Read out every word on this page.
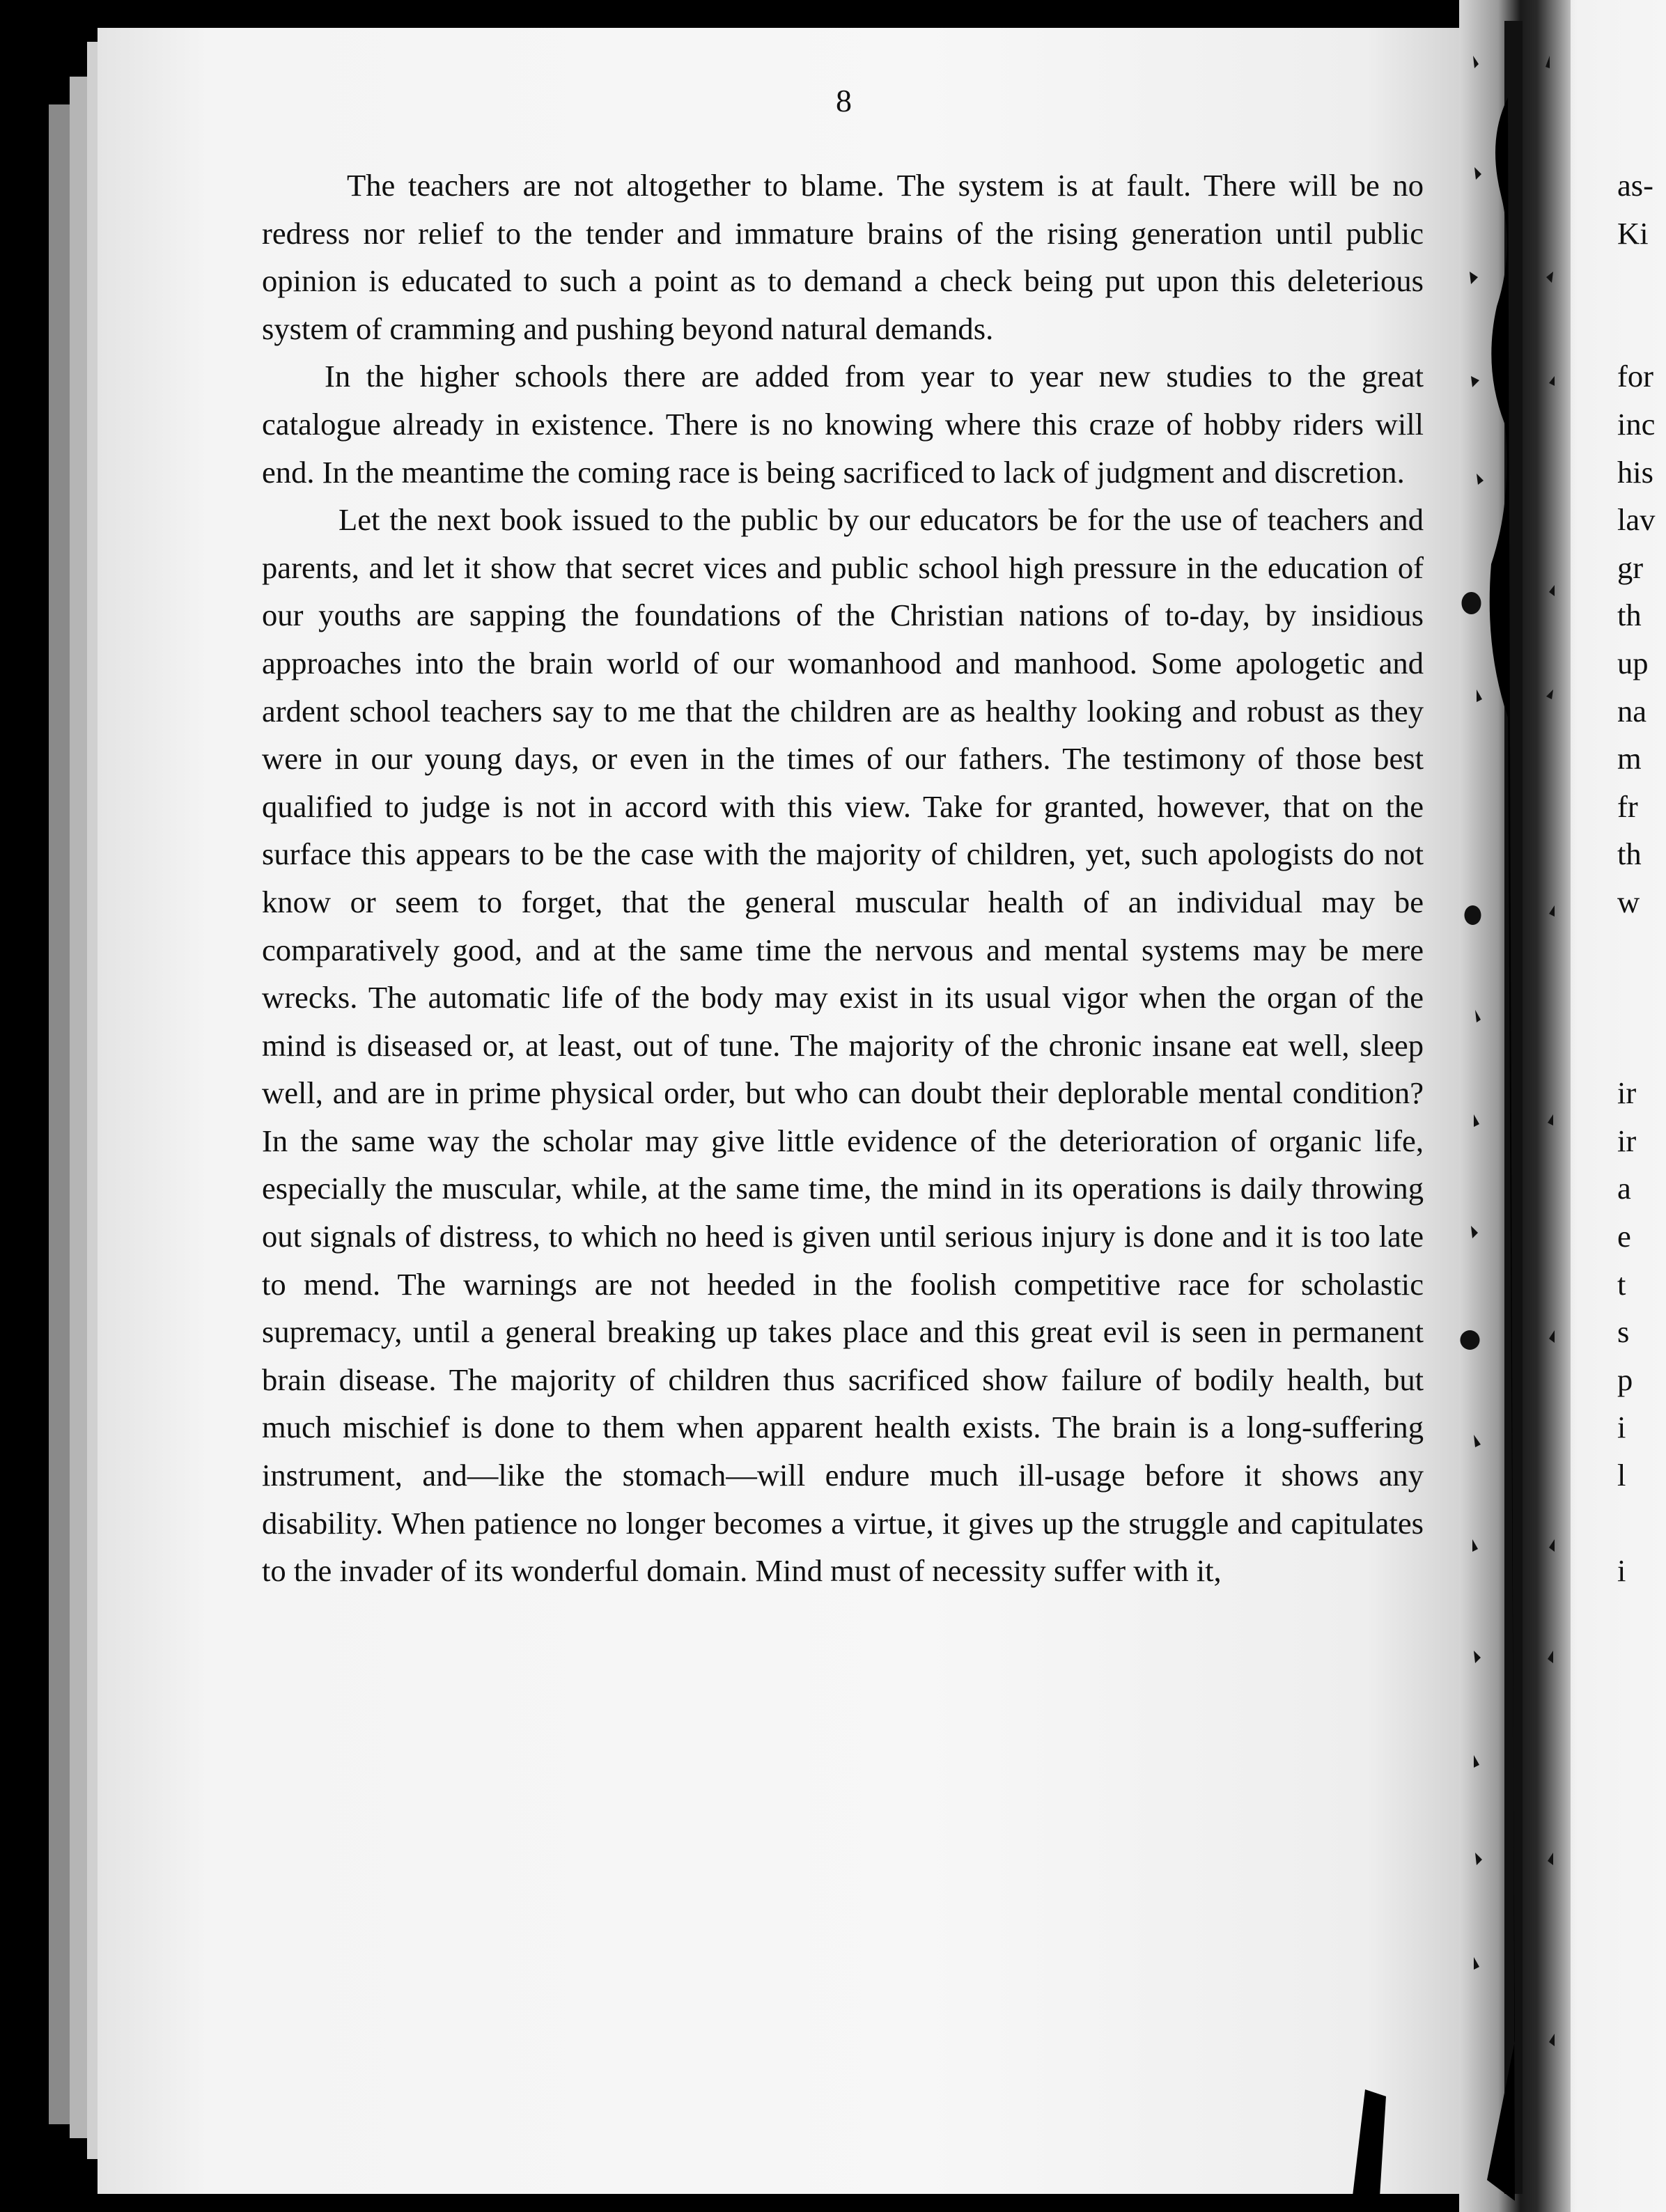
8

The teachers are not altogether to blame. The system is at fault. There will be no redress nor relief to the tender and immature brains of the rising generation until public opinion is educated to such a point as to demand a check being put upon this deleterious system of cramming and pushing beyond natural demands.

In the higher schools there are added from year to year new studies to the great catalogue already in existence. There is no knowing where this craze of hobby riders will end. In the meantime the coming race is being sacrificed to lack of judgment and discretion.

Let the next book issued to the public by our educators be for the use of teachers and parents, and let it show that secret vices and public school high pressure in the education of our youths are sapping the foundations of the Christian nations of to-day, by insidious approaches into the brain world of our womanhood and manhood. Some apologetic and ardent school teachers say to me that the children are as healthy looking and robust as they were in our young days, or even in the times of our fathers. The testimony of those best qualified to judge is not in accord with this view. Take for granted, however, that on the surface this appears to be the case with the majority of children, yet, such apologists do not know or seem to forget, that the general muscular health of an individual may be comparatively good, and at the same time the nervous and mental systems may be mere wrecks. The automatic life of the body may exist in its usual vigor when the organ of the mind is diseased or, at least, out of tune. The majority of the chronic insane eat well, sleep well, and are in prime physical order, but who can doubt their deplorable mental condition? In the same way the scholar may give little evidence of the deterioration of organic life, especially the muscular, while, at the same time, the mind in its operations is daily throwing out signals of distress, to which no heed is given until serious injury is done and it is too late to mend. The warnings are not heeded in the foolish competitive race for scholastic supremacy, until a general breaking up takes place and this great evil is seen in permanent brain disease. The majority of children thus sacrificed show failure of bodily health, but much mischief is done to them when apparent health exists. The brain is a long-suffering instrument, and—like the stomach—will endure much ill-usage before it shows any disability. When patience no longer becomes a virtue, it gives up the struggle and capitulates to the invader of its wonderful domain. Mind must of necessity suffer with it,

as-
Ki

for
inc
his
lav
gr
th
up
na
m
fr
th
w

ir
ir
a
e
t
s
p
i
l

i
